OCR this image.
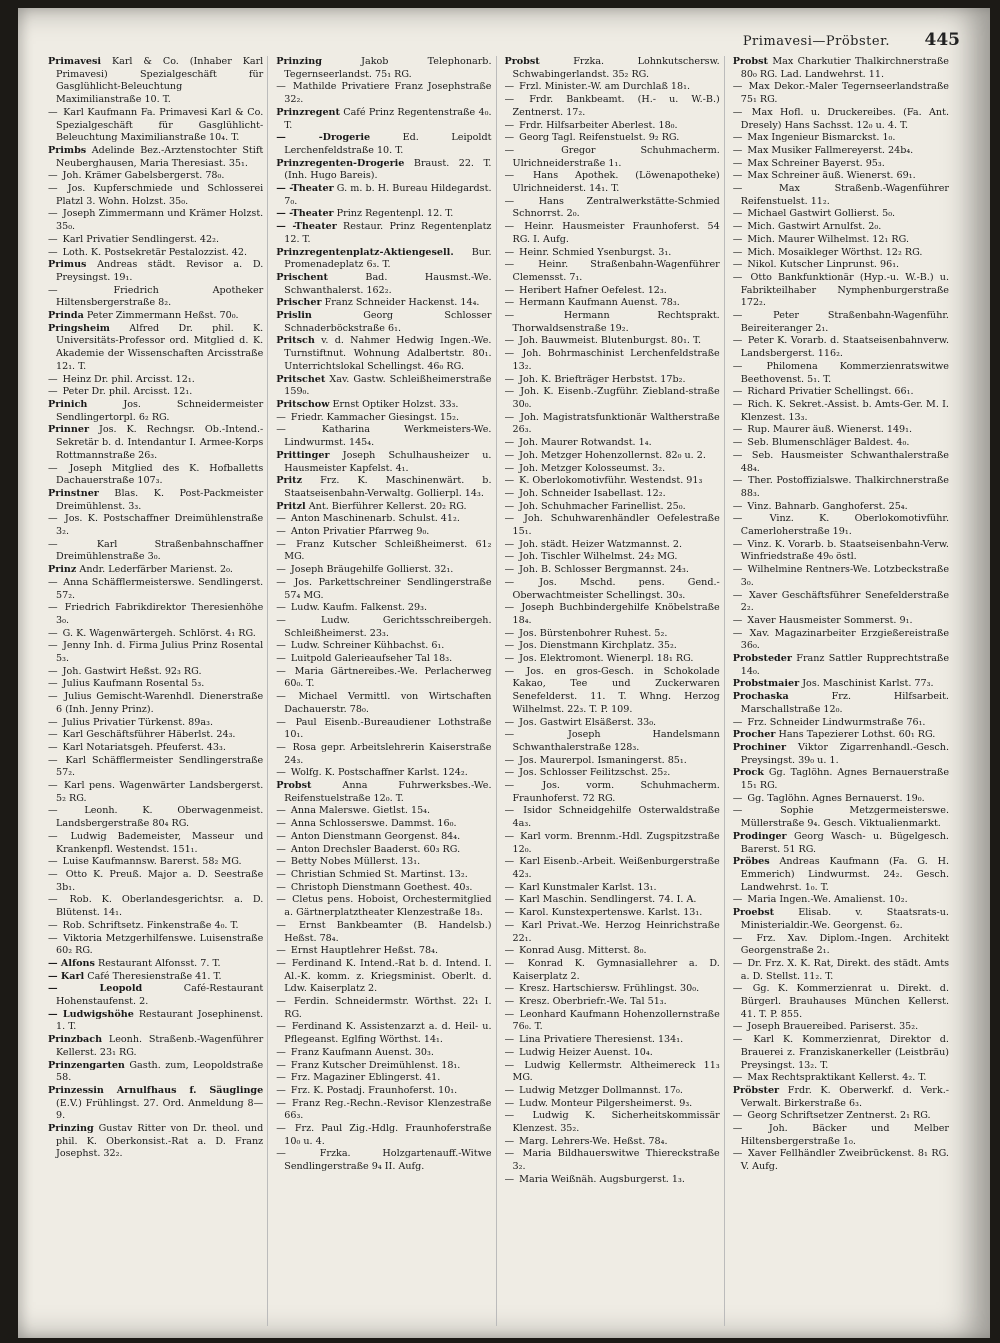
Primavesi—Pröbster. 445

Primavesi Karl & Co. (Inhaber Karl Primavesi) Spezialgeschäft für Gasglühlicht-Beleuchtung Maximilianstraße 10. T.

— Karl Kaufmann Fa. Primavesi Karl & Co. Spezialgeschäft für Gasglühlicht-Beleuchtung Maximilianstraße 10₄. T.

Primbs Adelinde Bez.-Arztenstochter Stift Neuberghausen, Maria Theresiast. 35₁.

— Joh. Krämer Gabelsbergerst. 78₀.

— Jos. Kupferschmiede und Schlosserei Platzl 3. Wohn. Holzst. 35₀.

— Joseph Zimmermann und Krämer Holzst. 35₀.

— Karl Privatier Sendlingerst. 42₂.

— Loth. K. Postsekretär Pestalozzist. 42.

Primus Andreas städt. Revisor a. D. Preysingst. 19₁.

—	Friedrich Apotheker Hiltensbergerstraße 8₂.

Prinda Peter Zimmermann Heßst. 70₀.

Pringsheim Alfred Dr. phil. K. Universitäts-Professor ord. Mitglied d. K. Akademie der Wissenschaften Arcisstraße 12₁. T.

— Heinz Dr. phil. Arcisst. 12₁.

— Peter Dr. phil. Arcisst. 12₁.

Prinich	Jos. Schneidermeister Sendlingertorpl. 6₂ RG.

Prinner Jos. K. Rechngsr. Ob.-Intend.-Sekretär b. d. Intendantur I. Armee-Korps Rottmannstraße 26₃.

— Joseph Mitglied des K. Hofballetts Dachauerstraße 107₃.

Prinstner Blas. K. Post-Packmeister Dreimühlenst. 3₃.

— Jos. K. Postschaffner Dreimühlenstraße 3₂.

—	Karl Straßenbahnschaffner Dreimühlenstraße 3₀.

Prinz Andr. Lederfärber Marienst. 2₀.

— Anna Schäfflermeisterswe. Sendlingerst. 57₂.

— Friedrich Fabrikdirektor Theresienhöhe 3₀.

— G. K. Wagenwärtergeh. Schlörst. 4₁ RG.

— Jenny Inh. d. Firma Julius Prinz Rosental 5₃.

— Joh. Gastwirt Heßst. 92₃ RG.

— Julius Kaufmann Rosental 5₃.

— Julius Gemischt-Warenhdl. Dienerstraße 6 (Inh. Jenny Prinz).

— Julius Privatier Türkenst. 89a₃.

— Karl Geschäftsführer Häberlst. 24₃.

— Karl Notariatsgeh. Pfeuferst. 43₃.

— Karl Schäfflermeister Sendlingerstraße 57₂.

— Karl pens. Wagenwärter Landsbergerst. 5₂ RG.

—	Leonh. K. Oberwagenmeist. Landsbergerstraße 80₄ RG.

— Ludwig Bademeister, Masseur und Krankenpfl. Westendst. 151₁.

— Luise Kaufmannsw. Barerst. 58₂ MG.

— Otto K. Preuß. Major a. D. Seestraße 3b₁.

— Rob. K. Oberlandesgerichtsr. a. D. Blütenst. 14₁.

— Rob. Schriftsetz. Finkenstraße 4₀. T.

— Viktoria Metzgerhilfenswe. Luisenstraße 60₂ RG.

— Alfons Restaurant Alfonsst. 7. T.

— Karl Café Theresienstraße 41. T.

— Leopold	Café-Restaurant Hohenstaufenst. 2.

— Ludwigshöhe Restaurant Josephinenst. 1. T.

Prinzbach Leonh. Straßenb.-Wagenführer Kellerst. 23₁ RG.

Prinzengarten Gasth. zum, Leopoldstraße 58.

Prinzessin Arnulfhaus f. Säuglinge (E.V.) Frühlingst. 27. Ord. Anmeldung 8—9.

Prinzing Gustav Ritter von Dr. theol. und phil. K. Oberkonsist.-Rat a. D. Franz Josephst. 32₂.

Prinzing	Jakob Telephonarb. Tegernseerlandst. 75₁ RG.

— Mathilde Privatiere Franz Josephstraße 32₂.

Prinzregent Café Prinz Regentenstraße 4₀. T.

— -Drogerie	Ed. Leipoldt Lerchenfeldstraße 10. T.

Prinzregenten-Drogerie Braust. 22. T. (Inh. Hugo Bareis).

— -Theater G. m. b. H. Bureau Hildegardst. 7₀.

— -Theater Prinz Regentenpl. 12. T.

— -Theater Restaur. Prinz Regentenplatz 12. T.

Prinzregentenplatz-Aktiengesell. Bur. Promenadeplatz 6₃. T.

Prischent	Bad. Hausmst.-We. Schwanthalerst. 162₂.

Prischer Franz Schneider Hackenst. 14₄.

Prislin	Georg Schlosser Schnaderböckstraße 6₁.

Pritsch v. d. Nahmer Hedwig Ingen.-We. Turnstiftnut. Wohnung Adalbertstr. 80₁. Unterrichtslokal Schellingst. 46₀ RG.

Pritschet Xav. Gastw. Schleißheimerstraße 159₀.

Pritschow Ernst Optiker Holzst. 33₃.

— Friedr. Kammacher Giesingst. 15₂.

—	Katharina Werkmeisters-We. Lindwurmst. 145₄.

Prittinger Joseph Schulhausheizer u. Hausmeister Kapfelst. 4₁.

Pritz Frz. K. Maschinenwärt. b. Staatseisenbahn-Verwaltg. Gollierpl. 14₃.

Pritzl Ant. Bierführer Kellerst. 20₂ RG.

— Anton Maschinenarb. Schulst. 41₂.

— Anton Privatier Pfarrweg 9₀.

— Franz Kutscher Schleißheimerst. 61₂ MG.

— Joseph Bräugehilfe Gollierst. 32₁.

— Jos. Parkettschreiner Sendlingerstraße 57₄ MG.

— Ludw. Kaufm. Falkenst. 29₃.

—	Ludw. Gerichtsschreibergeh. Schleißheimerst. 23₃.

— Ludw. Schreiner Kühbachst. 6₁.

— Luitpold Galerieaufseher Tal 18₃.

— Maria Gärtnereibes.-We. Perlacherweg 60₀. T.

— Michael Vermittl. von Wirtschaften Dachauerstr. 78₀.

— Paul Eisenb.-Bureaudiener Lothstraße 10₁.

— Rosa gepr. Arbeitslehrerin Kaiserstraße 24₃.

— Wolfg. K. Postschaffner Karlst. 124₂.

Probst	Anna Fuhrwerksbes.-We. Reifenstuelstraße 12₀. T.

— Anna Malerswe. Gietlst. 15₄.

— Anna Schlosserswe. Dammst. 16₀.

— Anton Dienstmann Georgenst. 84₄.

— Anton Drechsler Baaderst. 60₃ RG.

— Betty Nobes Müllerst. 13₁.

— Christian Schmied St. Martinst. 13₂.

— Christoph Dienstmann Goethest. 40₃.

— Cletus pens. Hoboist, Orchestermitglied a. Gärtnerplatztheater Klenzestraße 18₃.

— Ernst Bankbeamter (B. Handelsb.) Heßst. 78₄.

— Ernst Hauptlehrer Heßst. 78₄.

— Ferdinand K. Intend.-Rat b. d. Intend. I. Al.-K. komm. z. Kriegsminist. Oberlt. d. Ldw. Kaiserplatz 2.

— Ferdin. Schneidermstr. Wörthst. 22₁ I. RG.

— Ferdinand K. Assistenzarzt a. d. Heil- u. Pflegeanst. Eglfing Wörthst. 14₁.

— Franz Kaufmann Auenst. 30₃.

— Franz Kutscher Dreimühlenst. 18₁.

— Frz. Magaziner Eblingerst. 41.

— Frz. K. Postadj. Fraunhoferst. 10₁.

— Franz Reg.-Rechn.-Revisor Klenzestraße 66₃.

— Frz. Paul Zig.-Hdlg. Fraunhoferstraße 10₀ u. 4.

—	Frzka. Holzgartenauff.-Witwe Sendlingerstraße 9₄ II. Aufg.

Probst	Frzka. Lohnkutschersw. Schwabingerlandst. 35₂ RG.

— Frzl. Minister.-W. am Durchlaß 18₁.

— Frdr. Bankbeamt. (H.- u. W.-B.) Zentnerst. 17₂.

— Frdr. Hilfsarbeiter Aberlest. 18₀.

— Georg Tagl. Reifenstuelst. 9₂ RG.

—	Gregor Schuhmacherm. Ulrichneiderstraße 1₁.

— Hans Apothek. (Löwenapotheke) Ulrichneiderst. 14₁. T.

—	Hans Zentralwerkstätte-Schmied Schnorrst. 2₀.

— Heinr. Hausmeister Fraunhoferst. 54 RG. I. Aufg.

— Heinr. Schmied Ysenburgst. 3₁.

—	Heinr. Straßenbahn-Wagenführer Clemensst. 7₁.

— Heribert Hafner Oefelest. 12₃.

— Hermann Kaufmann Auenst. 78₃.

—	Hermann Rechtsprakt. Thorwaldsenstraße 19₂.

— Joh. Bauwmeist. Blutenburgst. 80₁. T.

— Joh. Bohrmaschinist Lerchenfeldstraße 13₂.

— Joh. K. Briefträger Herbstst. 17b₂.

— Joh. K. Eisenb.-Zugführ. Ziebland-straße 30₀.

— Joh. Magistratsfunktionär Waltherstraße 26₃.

— Joh. Maurer Rotwandst. 1₄.

— Joh. Metzger Hohenzollernst. 82₀ u. 2.

— Joh. Metzger Kolosseumst. 3₂.

— K. Oberlokomotivführ. Westendst. 91₃

— Joh. Schneider Isabellast. 12₂.

— Joh. Schuhmacher Farinellist. 25₀.

— Joh. Schuhwarenhändler Oefelestraße 15₁.

— Joh. städt. Heizer Watzmannst. 2.

— Joh. Tischler Wilhelmst. 24₂ MG.

— Joh. B. Schlosser Bergmannst. 24₃.

—	Jos. Mschd. pens. Gend.-Oberwachtmeister Schellingst. 30₃.

— Joseph Buchbindergehilfe Knöbelstraße 18₄.

— Jos. Bürstenbohrer Ruhest. 5₂.

— Jos. Dienstmann Kirchplatz. 35₂.

— Jos. Elektromont. Wienerpl. 18₁ RG.

— Jos. en gros-Gesch. in Schokolade Kakao, Tee und Zuckerwaren Senefelderst. 11. T. Whng. Herzog Wilhelmst. 22₃. T. P. 109.

— Jos. Gastwirt Elsäßerst. 33₀.

—	Joseph Handelsmann Schwanthalerstraße 128₃.

— Jos. Maurerpol. Ismaningerst. 85₁.

— Jos. Schlosser Feilitzschst. 25₂.

—	Jos. vorm. Schuhmacherm. Fraunhoferst. 72 RG.

— Isidor Schneidgehilfe Osterwaldstraße 4a₃.

— Karl vorm. Brennm.-Hdl. Zugspitzstraße 12₀.

— Karl Eisenb.-Arbeit. Weißenburgerstraße 42₃.

— Karl Kunstmaler Karlst. 13₁.

— Karl Maschin. Sendlingerst. 74. I. A.

— Karol. Kunstexpertenswe. Karlst. 13₁.

— Karl Privat.-We. Herzog Heinrichstraße 22₁.

— Konrad Ausg. Mitterst. 8₀.

— Konrad K. Gymnasiallehrer a. D. Kaiserplatz 2.

— Kresz. Hartschiersw. Frühlingst. 30₀.

— Kresz. Oberbriefr.-We. Tal 51₃.

— Leonhard Kaufmann Hohenzollernstraße 76₀. T.

— Lina Privatiere Theresienst. 134₁.

— Ludwig Heizer Auenst. 10₄.

— Ludwig Kellermstr. Altheimereck 11₃ MG.

— Ludwig Metzger Dollmannst. 17₀.

— Ludw. Monteur Pilgersheimerst. 9₃.

— Ludwig K. Sicherheitskommissär Klenzest. 35₂.

— Marg. Lehrers-We. Heßst. 78₄.

— Maria Bildhauerswitwe Thiereckstraße 3₂.

— Maria Weißnäh. Augsburgerst. 1₃.

Probst Max Charkutier Thalkirchnerstraße 80₀ RG. Lad. Landwehrst. 11.

— Max Dekor.-Maler Tegernseerlandstraße 75₁ RG.

— Max Hofl. u. Druckereibes. (Fa. Ant. Dresely) Hans Sachsst. 12₀ u. 4. T.

— Max Ingenieur Bismarckst. 1₀.

— Max Musiker Fallmereyerst. 24b₄.

— Max Schreiner Bayerst. 95₃.

— Max Schreiner äuß. Wienerst. 69₁.

—	Max Straßenb.-Wagenführer Reifenstuelst. 11₂.

— Michael Gastwirt Gollierst. 5₀.

— Mich. Gastwirt Arnulfst. 2₀.

— Mich. Maurer Wilhelmst. 12₁ RG.

— Mich. Mosaikleger Wörthst. 12₂ RG.

— Nikol. Kutscher Linprunst. 96₁.

— Otto Bankfunktionär (Hyp.-u. W.-B.) u. Fabrikteilhaber Nymphenburgerstraße 172₂.

—	Peter Straßenbahn-Wagenführ. Beireiteranger 2₁.

— Peter K. Vorarb. d. Staatseisenbahnverw. Landsbergerst. 116₂.

—	Philomena Kommerzienratswitwe Beethovenst. 5₁. T.

— Richard Privatier Schellingst. 66₁.

— Rich. K. Sekret.-Assist. b. Amts-Ger. M. I. Klenzest. 13₃.

— Rup. Maurer äuß. Wienerst. 149₁.

— Seb. Blumenschläger Baldest. 4₀.

— Seb. Hausmeister Schwanthalerstraße 48₄.

— Ther. Postoffizialswe. Thalkirchnerstraße 88₃.

— Vinz. Bahnarb. Ganghoferst. 25₄.

—	Vinz. K. Oberlokomotivführ. Camerloherstraße 19₁.

— Vinz. K. Vorarb. b. Staatseisenbahn-Verw. Winfriedstraße 49₀ östl.

— Wilhelmine Rentners-We. Lotzbeckstraße 3₀.

— Xaver Geschäftsführer Senefelderstraße 2₂.

— Xaver Hausmeister Sommerst. 9₁.

— Xav. Magazinarbeiter Erzgießereistraße 36₀.

Probsteder Franz Sattler Rupprechtstraße 14₀.

Probstmaier Jos. Maschinist Karlst. 77₃.

Prochaska	Frz. Hilfsarbeit. Marschallstraße 12₀.

— Frz. Schneider Lindwurmstraße 76₁.

Procher Hans Tapezierer Lothst. 60₁ RG.

Prochiner Viktor Zigarrenhandl.-Gesch. Preysingst. 39₀ u. 1.

Prock Gg. Taglöhn. Agnes Bernauerstraße 15₁ RG.

— Gg. Taglöhn. Agnes Bernauerst. 19₀.

—	Sophie Metzgermeisterswe. Müllerstraße 9₄. Gesch. Viktualienmarkt.

Prodinger Georg Wasch- u. Bügelgesch. Barerst. 51 RG.

Pröbes Andreas Kaufmann (Fa. G. H. Emmerich) Lindwurmst. 24₂. Gesch. Landwehrst. 1₀. T.

— Maria Ingen.-We. Amalienst. 10₂.

Proebst	Elisab. v. Staatsrats-u. Ministerialdir.-We. Georgenst. 6₂.

— Frz. Xav. Diplom.-Ingen. Architekt Georgenstraße 2₁.

— Dr. Frz. X. K. Rat, Direkt. des städt. Amts a. D. Stellst. 11₂. T.

— Gg. K. Kommerzienrat u. Direkt. d. Bürgerl. Brauhauses München Kellerst. 41. T. P. 855.

— Joseph Brauereibed. Pariserst. 35₂.

— Karl K. Kommerzienrat, Direktor d. Brauerei z. Franziskanerkeller (Leistbräu) Preysingst. 13₂. T.

— Max Rechtspraktikant Kellerst. 4₂. T.

Pröbster Frdr. K. Oberwerkf. d. Verk.-Verwalt. Birkerstraße 6₃.

— Georg Schriftsetzer Zentnerst. 2₁ RG.

—	Joh. Bäcker und Melber Hiltensbergerstraße 1₀.

— Xaver Fellhändler Zweibrückenst. 8₁ RG. V. Aufg.
